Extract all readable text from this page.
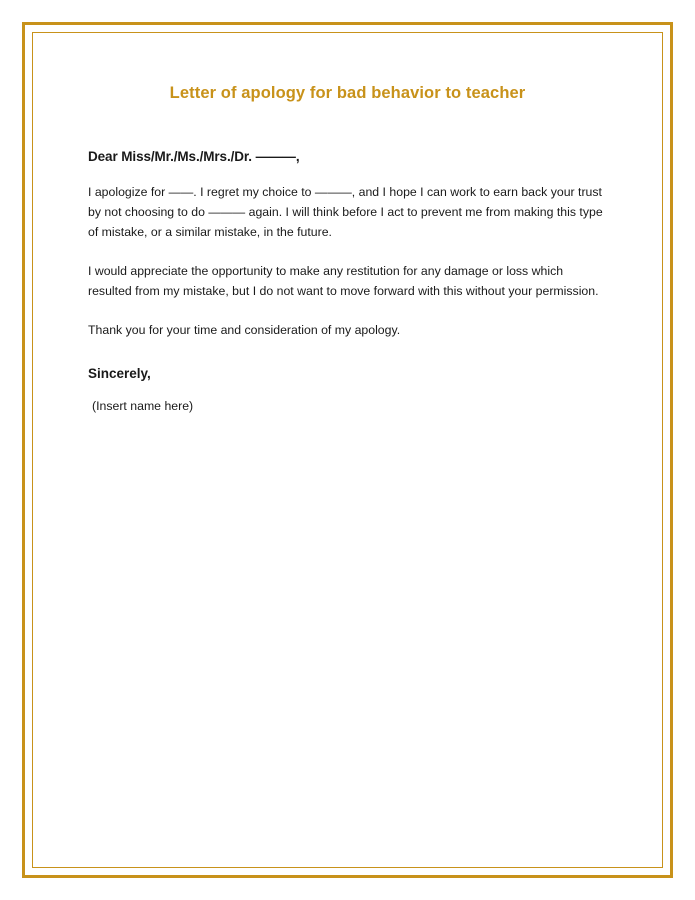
Letter of apology for bad behavior to teacher

Dear Miss/Mr./Ms./Mrs./Dr. ———,

I apologize for ——. I regret my choice to ———, and I hope I can work to earn back your trust by not choosing to do ——— again. I will think before I act to prevent me from making this type of mistake, or a similar mistake, in the future.

I would appreciate the opportunity to make any restitution for any damage or loss which resulted from my mistake, but I do not want to move forward with this without your permission.

Thank you for your time and consideration of my apology.

Sincerely,

(Insert name here)
